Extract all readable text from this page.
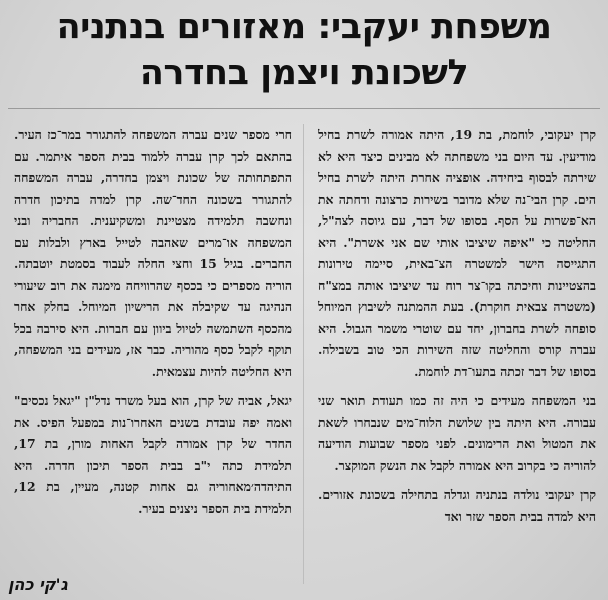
משפחת יעקבי: מאזורים בנתניה
לשכונת ויצמן בחדרה

קרן יעקובי, לוחמת, בת 19, היתה אמורה לשרת בחיל מודיעין. עד היום בני משפחתה לא מבינים כיצד היא לא שירתה לבסוף ביחידה. אופציה אחרת היתה לשרת בחיל הים. קרן הבי־נה שלא מדובר בשירות כרצונה ודחתה את הא־פשרות על הסף. בסופו של דבר, עם גיוסה לצה"ל, החליטה כי "איפה שיציבו אותי שם אני אשרת". היא התגייסה הישר למשטרה הצ־באית, סיימה טירונות בהצטיינות וחיכתה בקו־צר רוח עד שיציבו אותה במצ"ח (משטרה צבאית חוקרת). בעת ההמתנה לשיבוץ המיוחל סופחה לשרת בחברון, יחד עם שוטרי משמר הגבול. היא עברה קורס והחליטה שזה השירות הכי טוב בשבילה. בסופו של דבר זכתה בתעו־דת לוחמת.

בני המשפחה מעידים כי היה זה כמו תעודת תואר שני עבורה. היא היתה בין שלושת הלוח־מים שנבחרו לשאת את המטול ואת הרימונים. לפני מספר שבועות הודיעה להוריה כי בקרוב היא אמורה לקבל את הנשק המוקצר.

קרן יעקובי נולדה בנתניה וגדלה בתחילה בשכונת אזורים. היא למדה בבית הספר שזר ואד

חרי מספר שנים עברה המשפחה להתגורר במר־כז העיר. בהתאם לכך קרן עברה ללמוד בבית הספר איתמר. עם התפתחותה של שכונת ויצמן בחדרה, עברה המשפחה להתגורר בשכונה החד־שה. קרן למדה בתיכון חדרה ונחשבה תלמידה מצטיינת ומשקיענית. החבריה ובני המשפחה או־מרים שאהבה לטייל בארץ ולבלות עם החברים. בגיל 15 וחצי החלה לעבוד בסמטת יוטבתה. הוריה מספרים כי בכסף שהרוויחה מימנה את רוב שיעורי הנהיגה עד שקיבלה את הרישיון המיוחל. בחלק אחר מהכסף השתמשה לטיול ביוון עם חברות. היא סירבה בכל תוקף לקבל כסף מהוריה. כבר אז, מעידים בני המשפחה, היא החליטה להיות עצמאית.

יגאל, אביה של קרן, הוא בעל משרד נדל"ן "יגאל נכסים" ואמה יפה עובדת בשנים האחרו־נות במפעל הפיס. את החדר של קרן אמורה לקבל האחות מורן, בת 17, תלמידת כתה י"ב בבית הספר תיכון חדרה. היא התיהדה׳מאחוריה גם אחות קטנה, מעיין, בת 12, תלמידת בית הספר ניצנים בעיר.

ג'קי כהן
